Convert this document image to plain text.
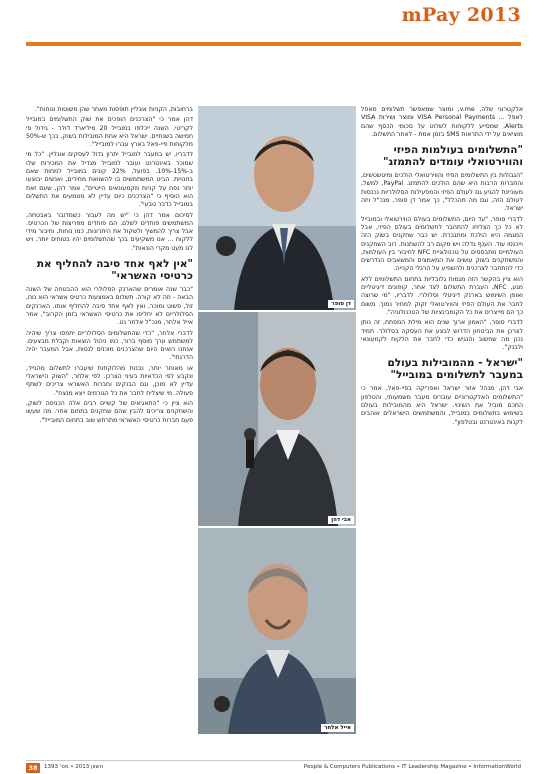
mPay 2013

אלקטרוני שלה, v.me, ומוצר שמאפשר תשלומים מאפל לאפל ... VISA Personal Payments ומוצר ושירות VISA Alerts, שמסייע ללקוחות לשלוט על סכומי הכסף שהם מוציאים על ידי התראות SMS בזמן אמת - לאחר התשלום.

"התשלומים בעולמות הפיזי והווירטואלי עומדים להתמזג"

"הגבולות בין התשלומים הפיזי והווירטואלי הולכים ומיטשטשים, והחברות הרבות היא שהם הולכים להתמזג. PayPal, למשל, מעוניינת להגיע גם לעולם הפיזי והמפעילות הסלולריות נכנסות לעולם הזה, וגם מה מהכלל", כך אמר דן סופר, מנכ"ל ויזה ישראל.

לדברי סופר, "עד היום, התשלומים בעולם הווירטואלי ובמובייל לא כל כך הצליחו להתחבר לתשלומים בעולם הפיזי, אבל המגמה היא הולכת ומתגברת. יש כבר שחקנים בשוק הזה וייכנסו עוד. הענף גדלה ויש מקום רב להשתנות. רוב השחקנים העולמיים מתבססים על טכנולוגיית NFC לחיבור בין העולמות, והמשחקנים בשוק עושים את המאמצים והמשאבים הנדרשים כדי להתחבר לצרכנים ולהשפיע על הרגלי הקנייה.

הוא ציין בהקשר הזה מגמות גלובליות בתחום התשלומים ללא מגע, NFC, העברת התשלום לצד אחר, קופונים דיגיטליים ואופן השימוש בארנק דיגיטלי וסלולרי. לדבריו, "מי שרוצה לחבר את העולם הפיזי והווירטואלי זקוק למחיר נמוך. משום כך הם מייצרים את כל הקומבינציות של הטכנולוגיה".

לדברי סופר, "האמון ארוך שנים הוא מילת המפתח, זה נותן לצרכן את הביטחון הדרוש לבצע את העסקה בסלולר. תמיד נכון מה שחשוב והנגיש כדי לחבר את הלקוח לקמעונאי ולבנק".

"ישראל - מהמובילות בעולם במעבר לתשלומים במובייל"

אבי דהן, מנהל אזור ישראל ואפריקה בפיי-פאל, אמר כי "התשלומים האלקטרוניים עוברים מעבר משמעותי, והטלפון החכם מוביל את השינוי. ישראל היא מהמובילות בעולם בשימוש בתשלומים במובייל, והמשתמשים הישראלים אוהבים לקנות באינטרנט ובטלפון".

דן סופר
אבי דהן
אייל אלחר

ברחובות, הקניות אונליין תופסות מאחר שהן משוטות ונוחות".

דהן אמר כי "הצרכנים הופכים את שוק התשלומים במובייל לקריטי. השנה ייכלפו במובייל 20 מיליארד דולר - גידול פי חמישה בשנתיים. ישראל היא אחת המובילות בשוק, בכך ש-50% מלקוחות פיי-פאל בארץ עברו למובייל".

לדבריו, יש במעבר למובייל יתרון גדול לעסקים אונליין. "כל מי שמוכר באינטרנט ועובר למובייל מגדיל את המכירות שלו ב-15%-10%. בפועל, 22% קונים במובייל למחות שאם בחנויות. הביט המשתמשים בו להשוואת מחירים, ואנשים יבוצעו יותר נפח על קניות מקמעונאים הייטיים", אמר דהן, שעם זאת הוא הוסיף כי "הצרכנים כיום עדיין לא מטמעים את התשלום במובייל כדבר טבעי".

לסיכום אמר דהן כי "יש מה לעבור כשמדובר באבטחה, המשתמשים פוחדים לשלם. הם פוחדים מפריצות של הכרטיס. אבל צריך להמשיך ולשקול את היתרונות, כמו נוחות, וחיבור מידי ללקוח ... אנו משקיעים בכך שהתשלומים יהיו בטוחים יותר, ויש לנו מעט מקרי הונאות".

"אין לאף אחד סיבה להחליף את כרטיסי האשראי"

"כבר שנה אומרים שהארנק הסלולרי הוא ההבטחה של השנה הבאה - וזה לא קורה. תשלום באמצעות כרטיס אשראי הוא נוח, זול, פשוט ומוכר, ואין לאף אחד סיבה להחליף אותו. הארנקים הסלולריים לא יחליפו את כרטיסי האשראי בזמן הקרוב", אמר אייל אלחר, מנכ"ל אלחר נט.

לדברי אלחר, "כדי שהתשלומים הסלולריים יתפסו צריך שיהיה למשתמש ערך מוסף ברור, כמו ניהול הוצאות וקבלת מבצעים. אנחנו רואים היום שהצרכנים מוכנים לנסות, אבל המעבר יהיה הדרגתי".

או מאוחר יותר, נבנות מהלוקחות שיעברו לתשלום מהנייד, ונקבע לפי הכדאיות בעיני הצרכן. לפי אלחר, "השוק הישראלי עדיין לא מוכן, וגם הבנקים וחברות האשראי צריכים לשתף פעולה. מי שיצליח לחבר את כל הגורמים ייצא מנצח".

הוא ציין כי "התאגיאים של קשיים רבים אלה הכניסה לשוק, והשחקנים צריכים להבין שהם שחקנים בתחום אחר. מה שעשו פעם חברות כרטיסי האשראי מתרחש שוב בתחום המובייל".

38	חשוון 2013 • מס' 1393	People & Computers Publications • IT Leadership Magazine • InformationWorld
